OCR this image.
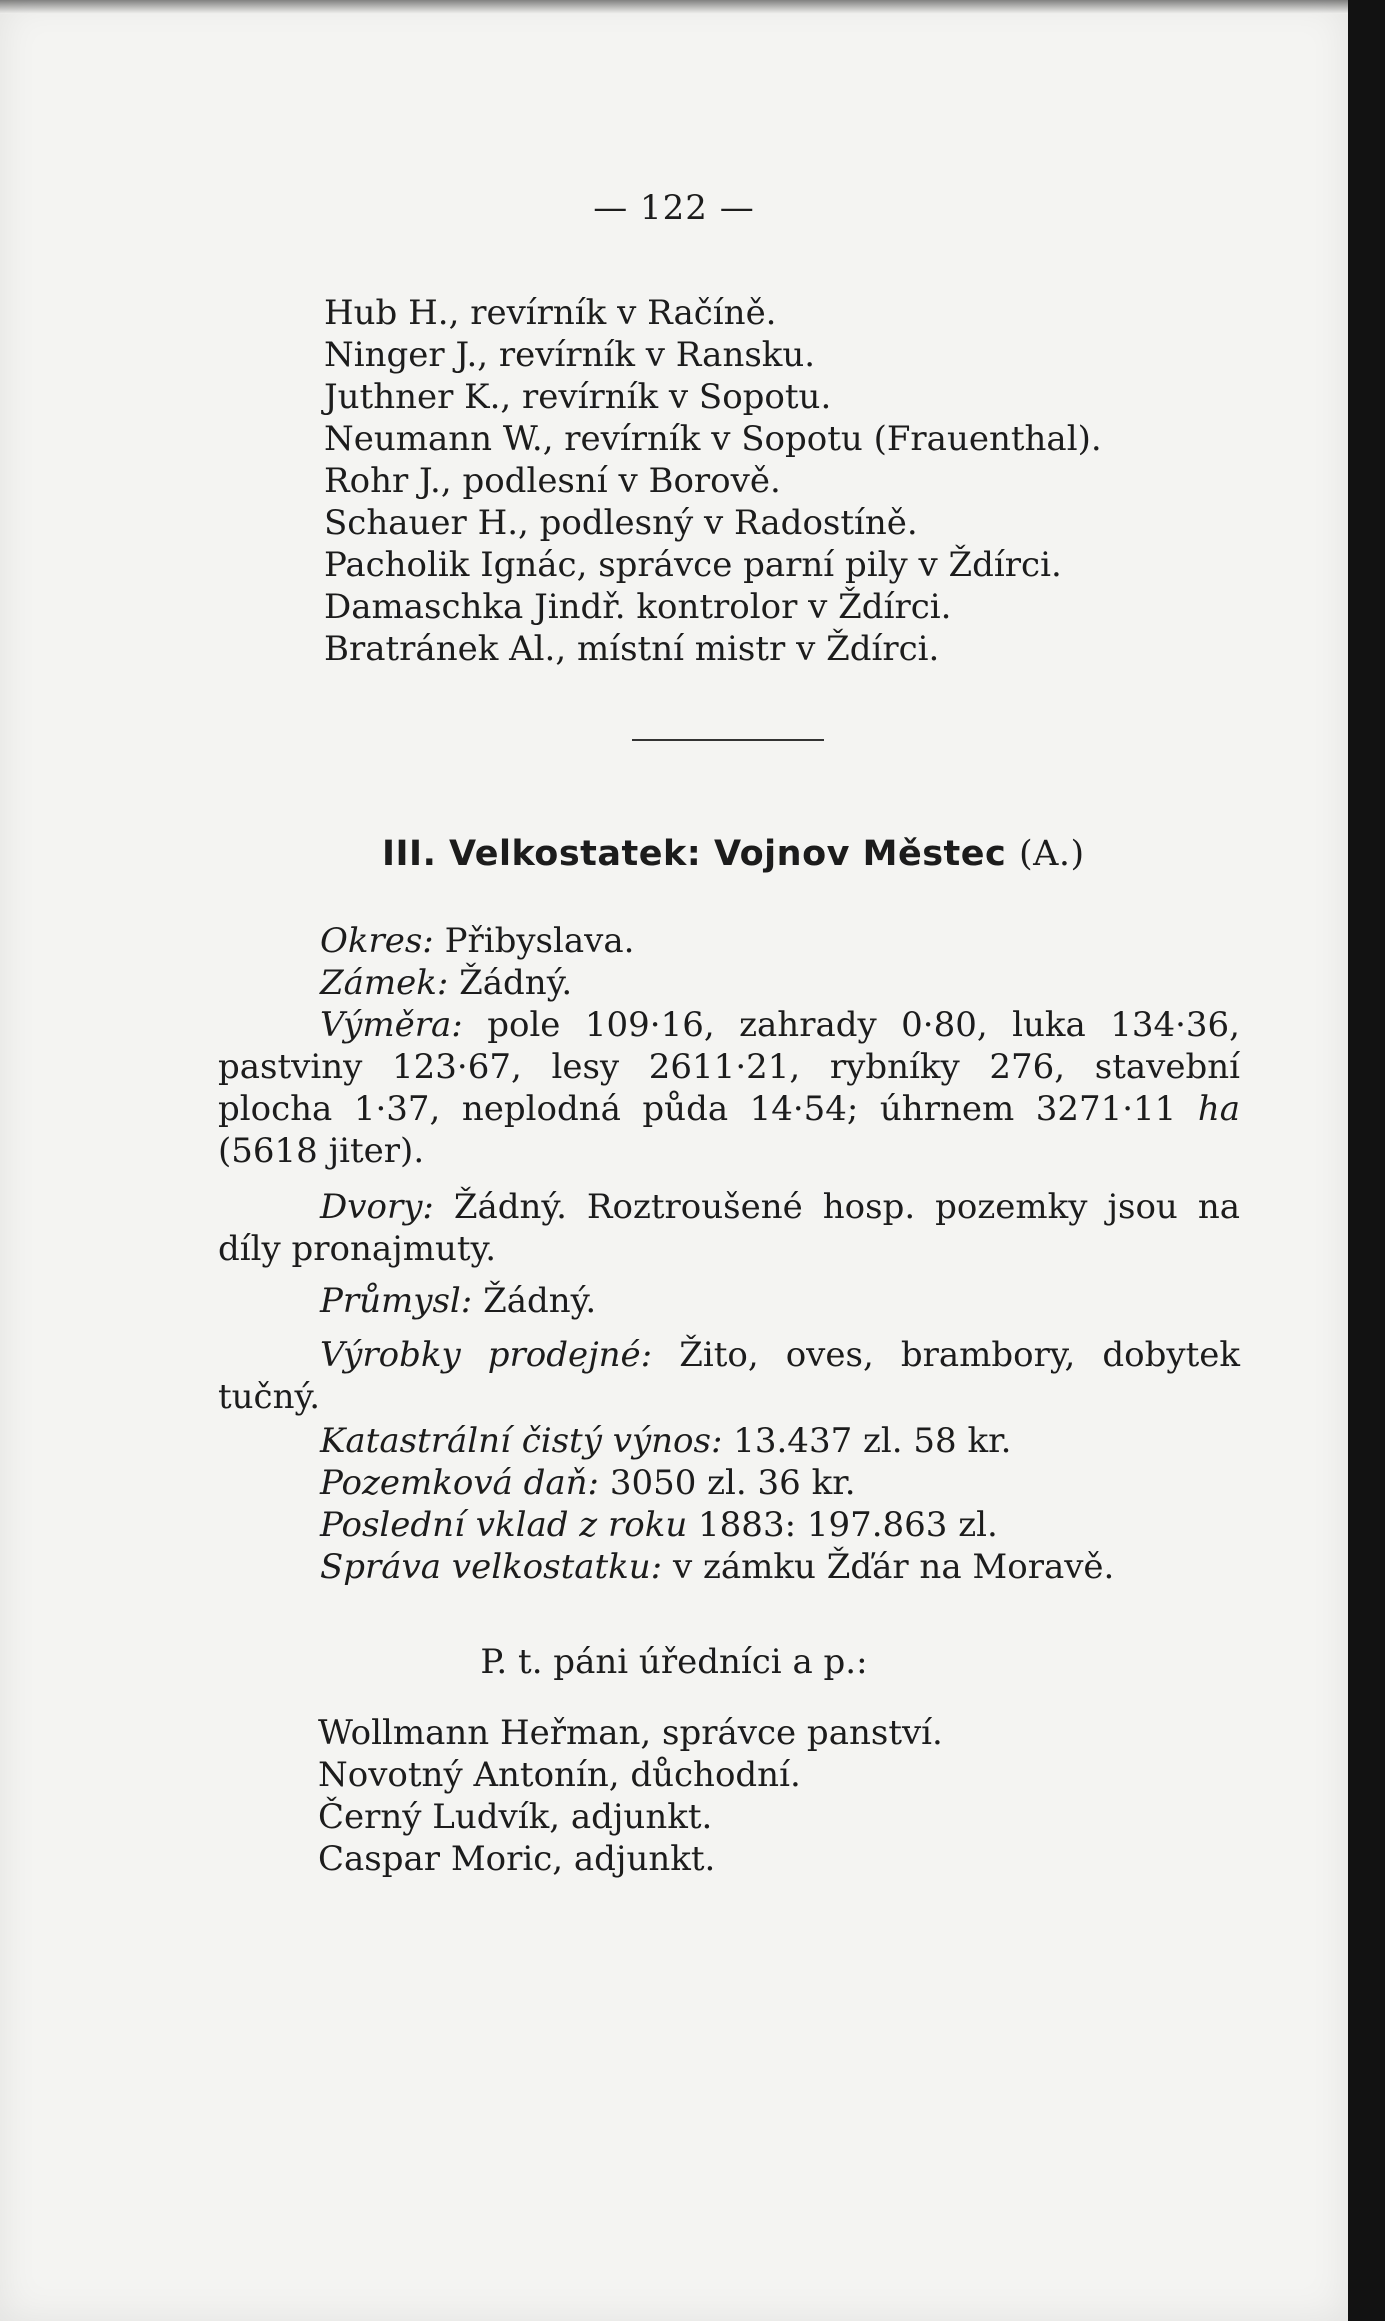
— 122 —
Hub H., revírník v Račíně.
Ninger J., revírník v Ransku.
Juthner K., revírník v Sopotu.
Neumann W., revírník v Sopotu (Frauenthal).
Rohr J., podlesní v Borově.
Schauer H., podlesný v Radostíně.
Pacholik Ignác, správce parní pily v Ždírci.
Damaschka Jindř. kontrolor v Ždírci.
Bratránek Al., místní mistr v Ždírci.
III. Velkostatek: Vojnov Městec (A.)
Okres: Přibyslava.
Zámek: Žádný.
Výměra: pole 109·16, zahrady 0·80, luka 134·36, pastviny 123·67, lesy 2611·21, rybníky 276, stavební plocha 1·37, neplodná půda 14·54; úhrnem 3271·11 ha (5618 jiter).
Dvory: Žádný. Roztroušené hosp. pozemky jsou na díly pronajmuty.
Průmysl: Žádný.
Výrobky prodejné: Žito, oves, brambory, dobytek tučný.
Katastrální čistý výnos: 13.437 zl. 58 kr.
Pozemková daň: 3050 zl. 36 kr.
Poslední vklad z roku 1883: 197.863 zl.
Správa velkostatku: v zámku Žďár na Moravě.
P. t. páni úředníci a p.:
Wollmann Heřman, správce panství.
Novotný Antonín, důchodní.
Černý Ludvík, adjunkt.
Caspar Moric, adjunkt.
